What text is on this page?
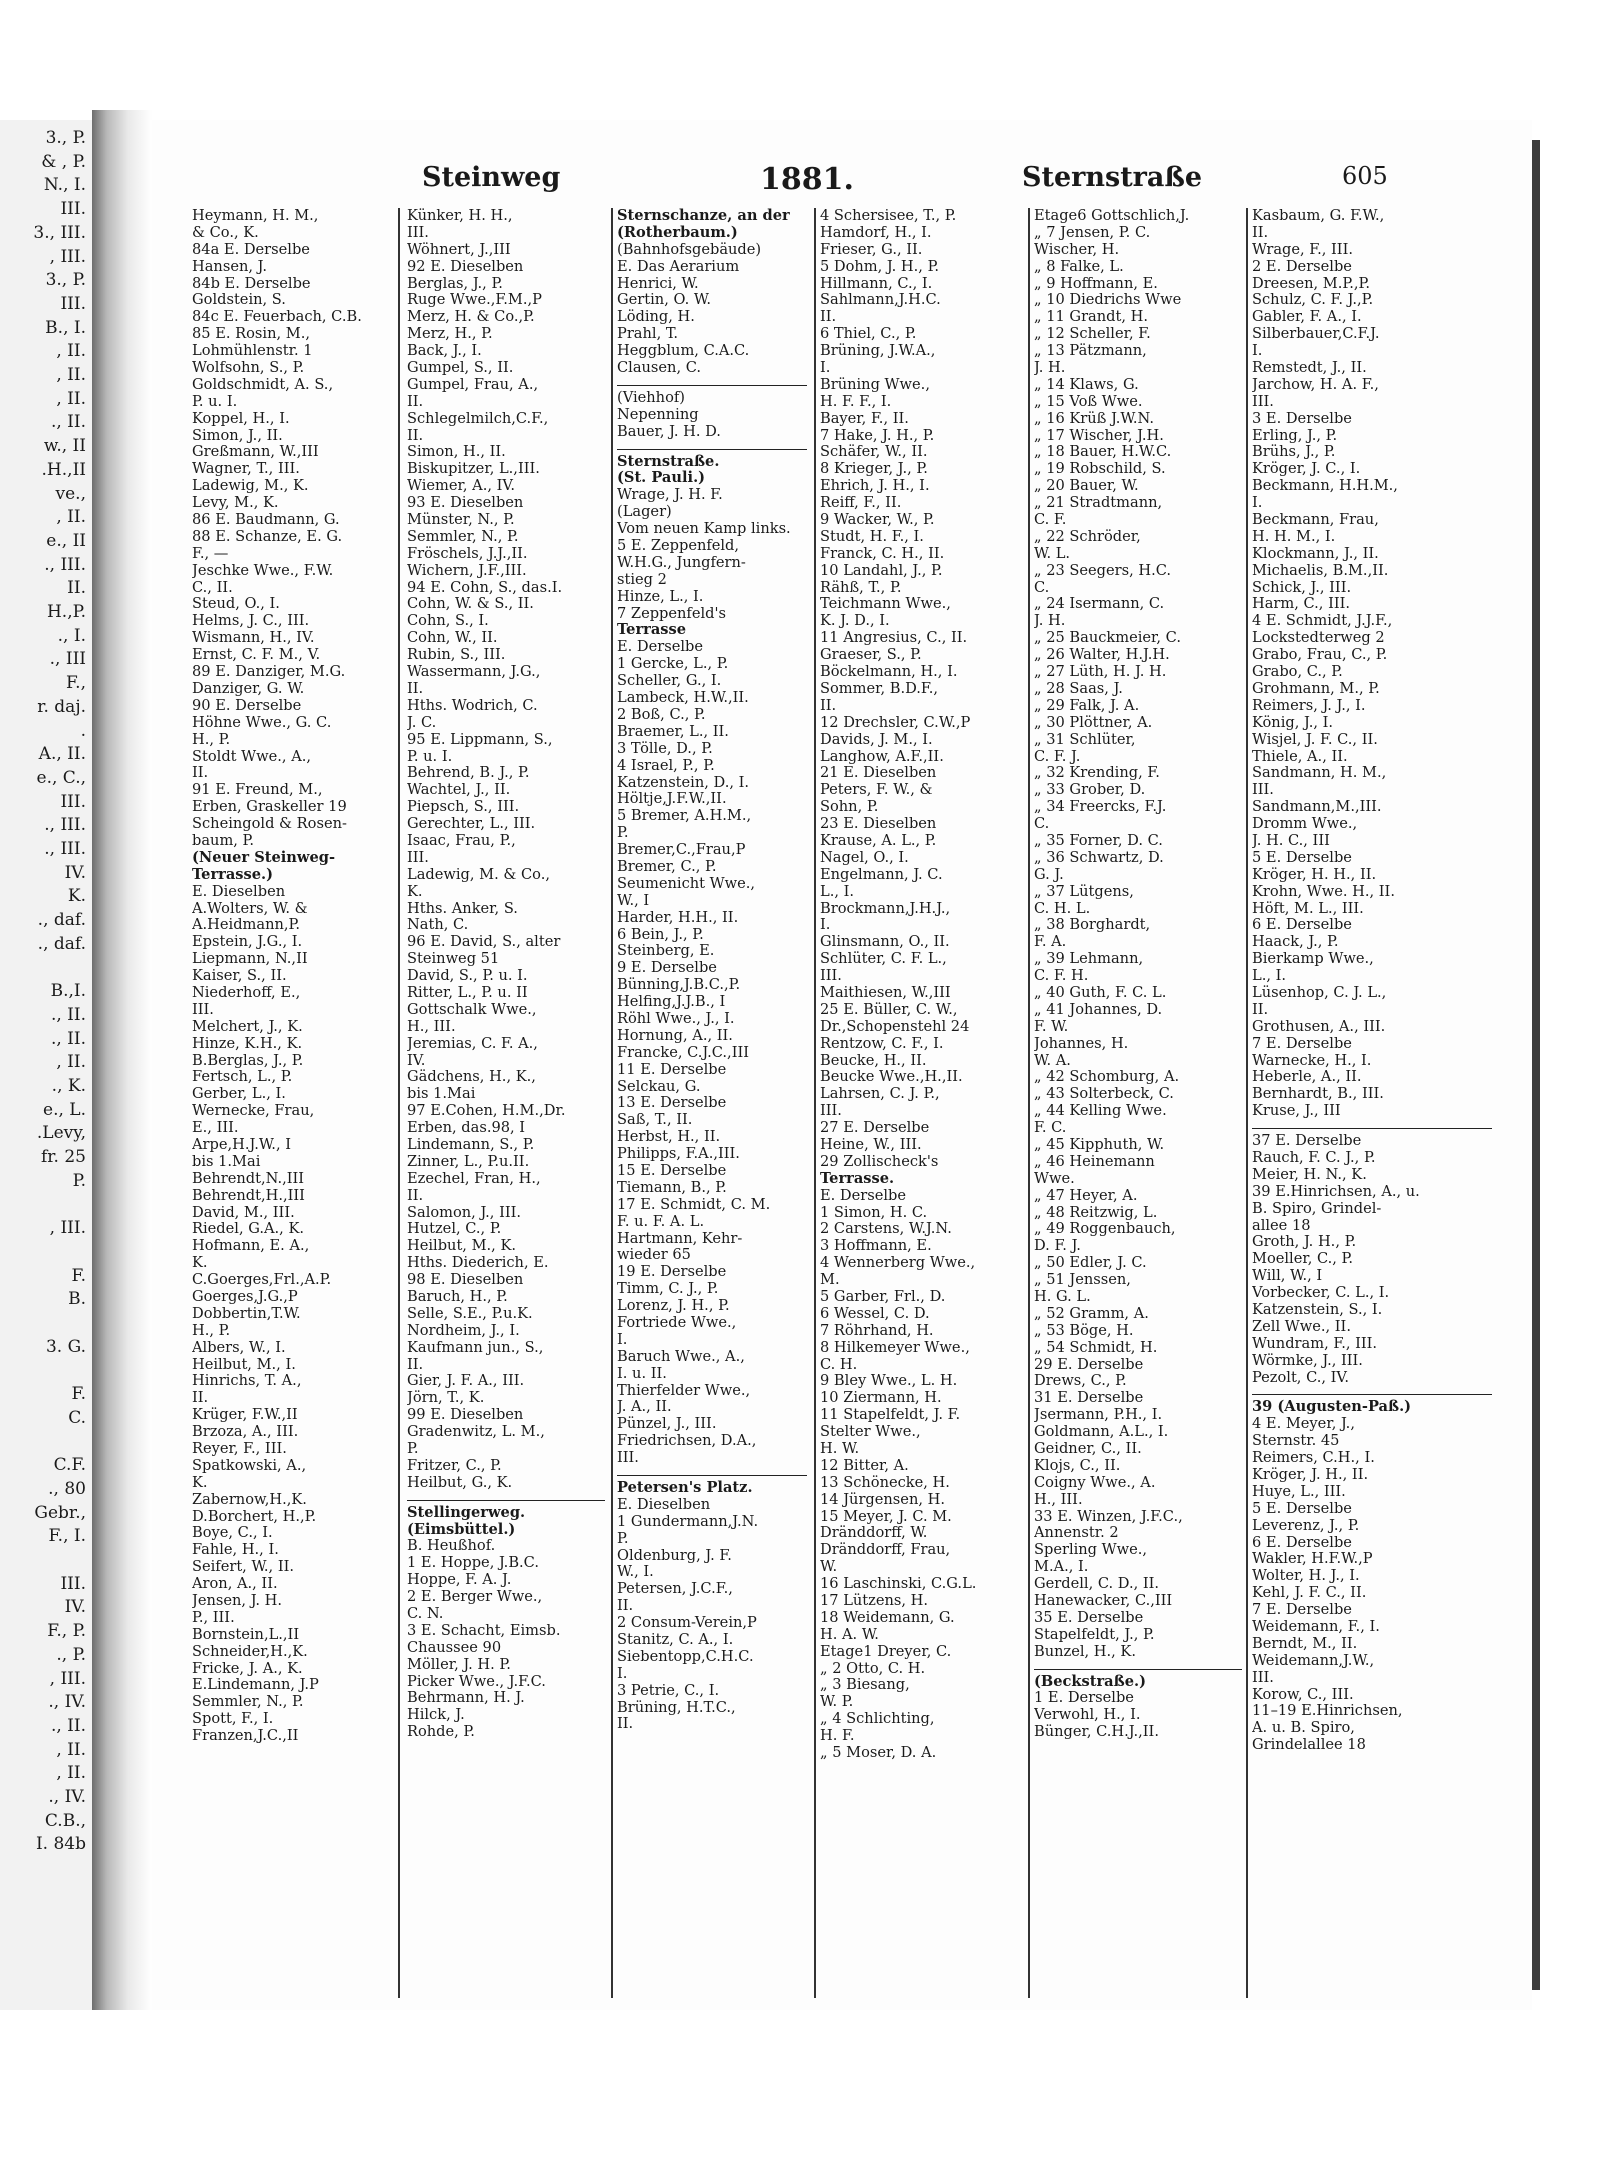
3., P.
& , P.
N., I.
III.
3., III.
, III.
3., P.
III.
B., I.
, II.
, II.
, II.
., II.
w., II
.H.,II
ve.,
, II.
e., II
., III.
II.
H.,P.
., I.
., III
F.,
r. daj.
.
A., II.
e., C.,
III.
., III.
., III.
IV.
K.
., daf.
., daf.
B.,I.
., II.
., II.
, II.
., K.
e., L.
.Levy,
fr. 25
P.
, III.
F.
B.
3. G.
F.
C.
C.F.
., 80
Gebr.,
F., I.
III.
IV.
F., P.
., P.
, III.
., IV.
., II.
, II.
, II.
., IV.
C.B.,
I. 84b
Steinweg	1881.	Sternstraße	605
Heymann, H. M.,
& Co., K.
84a E. Derselbe
Hansen, J.
84b E. Derselbe
Goldstein, S.
84c E. Feuerbach, C.B.
85 E. Rosin, M.,
Lohmühlenstr. 1
Wolfsohn, S., P.
Goldschmidt, A. S.,
P. u. I.
Koppel, H., I.
Simon, J., II.
Greßmann, W.,III
Wagner, T., III.
Ladewig, M., K.
Levy, M., K.
86 E. Baudmann, G.
88 E. Schanze, E. G.
F., —
Jeschke Wwe., F.W.
C., II.
Steud, O., I.
Helms, J. C., III.
Wismann, H., IV.
Ernst, C. F. M., V.
89 E. Danziger, M.G.
Danziger, G. W.
90 E. Derselbe
Höhne Wwe., G. C.
H., P.
Stoldt Wwe., A.,
II.
91 E. Freund, M.,
Erben, Graskeller 19
Scheingold & Rosen-
baum, P.
(Neuer Steinweg-
Terrasse.)
E. Dieselben
A.Wolters, W. &
A.Heidmann,P.
Epstein, J.G., I.
Liepmann, N.,II
Kaiser, S., II.
Niederhoff, E.,
III.
Melchert, J., K.
Hinze, K.H., K.
B.Berglas, J., P.
Fertsch, L., P.
Gerber, L., I.
Wernecke, Frau,
E., III.
Arpe,H.J.W., I
bis 1.Mai
Behrendt,N.,III
Behrendt,H.,III
David, M., III.
Riedel, G.A., K.
Hofmann, E. A.,
K.
C.Goerges,Frl.,A.P.
Goerges,J.G.,P
Dobbertin,T.W.
H., P.
Albers, W., I.
Heilbut, M., I.
Hinrichs, T. A.,
II.
Krüger, F.W.,II
Brzoza, A., III.
Reyer, F., III.
Spatkowski, A.,
K.
Zabernow,H.,K.
D.Borchert, H.,P.
Boye, C., I.
Fahle, H., I.
Seifert, W., II.
Aron, A., II.
Jensen, J. H.
P., III.
Bornstein,L.,II
Schneider,H.,K.
Fricke, J. A., K.
E.Lindemann, J.P
Semmler, N., P.
Spott, F., I.
Franzen,J.C.,II
Künker, H. H.,
III.
Wöhnert, J.,III
92 E. Dieselben
Berglas, J., P.
Ruge Wwe.,F.M.,P
Merz, H. & Co.,P.
Merz, H., P.
Back, J., I.
Gumpel, S., II.
Gumpel, Frau, A.,
II.
Schlegelmilch,C.F.,
II.
Simon, H., II.
Biskupitzer, L.,III.
Wiemer, A., IV.
93 E. Dieselben
Münster, N., P.
Semmler, N., P.
Fröschels, J.J.,II.
Wichern, J.F.,III.
94 E. Cohn, S., das.I.
Cohn, W. & S., II.
Cohn, S., I.
Cohn, W., II.
Rubin, S., III.
Wassermann, J.G.,
II.
Hths. Wodrich, C.
J. C.
95 E. Lippmann, S.,
P. u. I.
Behrend, B. J., P.
Wachtel, J., II.
Piepsch, S., III.
Gerechter, L., III.
Isaac, Frau, P.,
III.
Ladewig, M. & Co.,
K.
Hths. Anker, S.
Nath, C.
96 E. David, S., alter
Steinweg 51
David, S., P. u. I.
Ritter, L., P. u. II
Gottschalk Wwe.,
H., III.
Jeremias, C. F. A.,
IV.
Gädchens, H., K.,
bis 1.Mai
97 E.Cohen, H.M.,Dr.
Erben, das.98, I
Lindemann, S., P.
Zinner, L., P.u.II.
Ezechel, Fran, H.,
II.
Salomon, J., III.
Hutzel, C., P.
Heilbut, M., K.
Hths. Diederich, E.
98 E. Dieselben
Baruch, H., P.
Selle, S.E., P.u.K.
Nordheim, J., I.
Kaufmann jun., S.,
II.
Gier, J. F. A., III.
Jörn, T., K.
99 E. Dieselben
Gradenwitz, L. M.,
P.
Fritzer, C., P.
Heilbut, G., K.
Stellingerweg.
(Eimsbüttel.)
B. Heußhof.
1 E. Hoppe, J.B.C.
Hoppe, F. A. J.
2 E. Berger Wwe.,
C. N.
3 E. Schacht, Eimsb.
Chaussee 90
Möller, J. H. P.
Picker Wwe., J.F.C.
Behrmann, H. J.
Hilck, J.
Rohde, P.
Sternschanze, an der
(Rotherbaum.)
(Bahnhofsgebäude)
E. Das Aerarium
Henrici, W.
Gertin, O. W.
Löding, H.
Prahl, T.
Heggblum, C.A.C.
Clausen, C.
(Viehhof)
Nepenning
Bauer, J. H. D.
Sternstraße.
(St. Pauli.)
Wrage, J. H. F.
(Lager)
Vom neuen Kamp links.
5 E. Zeppenfeld,
W.H.G., Jungfern-
stieg 2
Hinze, L., I.
7 Zeppenfeld's
Terrasse
E. Derselbe
1 Gercke, L., P.
Scheller, G., I.
Lambeck, H.W.,II.
2 Boß, C., P.
Braemer, L., II.
3 Tölle, D., P.
4 Israel, P., P.
Katzenstein, D., I.
Höltje,J.F.W.,II.
5 Bremer, A.H.M.,
P.
Bremer,C.,Frau,P
Bremer, C., P.
Seumenicht Wwe.,
W., I
Harder, H.H., II.
6 Bein, J., P.
Steinberg, E.
9 E. Derselbe
Bünning,J.B.C.,P.
Helfing,J.J.B., I
Röhl Wwe., J., I.
Hornung, A., II.
Francke, C.J.C.,III
11 E. Derselbe
Selckau, G.
13 E. Derselbe
Saß, T., II.
Herbst, H., II.
Philipps, F.A.,III.
15 E. Derselbe
Tiemann, B., P.
17 E. Schmidt, C. M.
F. u. F. A. L.
Hartmann, Kehr-
wieder 65
19 E. Derselbe
Timm, C. J., P.
Lorenz, J. H., P.
Fortriede Wwe.,
I.
Baruch Wwe., A.,
I. u. II.
Thierfelder Wwe.,
J. A., II.
Pünzel, J., III.
Friedrichsen, D.A.,
III.
Petersen's Platz.
E. Dieselben
1 Gundermann,J.N.
P.
Oldenburg, J. F.
W., I.
Petersen, J.C.F.,
II.
2 Consum-Verein,P
Stanitz, C. A., I.
Siebentopp,C.H.C.
I.
3 Petrie, C., I.
Brüning, H.T.C.,
II.
4 Schersisee, T., P.
Hamdorf, H., I.
Frieser, G., II.
5 Dohm, J. H., P.
Hillmann, C., I.
Sahlmann,J.H.C.
II.
6 Thiel, C., P.
Brüning, J.W.A.,
I.
Brüning Wwe.,
H. F. F., I.
Bayer, F., II.
7 Hake, J. H., P.
Schäfer, W., II.
8 Krieger, J., P.
Ehrich, J. H., I.
Reiff, F., II.
9 Wacker, W., P.
Studt, H. F., I.
Franck, C. H., II.
10 Landahl, J., P.
Rähß, T., P.
Teichmann Wwe.,
K. J. D., I.
11 Angresius, C., II.
Graeser, S., P.
Böckelmann, H., I.
Sommer, B.D.F.,
II.
12 Drechsler, C.W.,P
Davids, J. M., I.
Langhow, A.F.,II.
21 E. Dieselben
Peters, F. W., &
Sohn, P.
23 E. Dieselben
Krause, A. L., P.
Nagel, O., I.
Engelmann, J. C.
L., I.
Brockmann,J.H.J.,
I.
Glinsmann, O., II.
Schlüter, C. F. L.,
III.
Maithiesen, W.,III
25 E. Büller, C. W.,
Dr.,Schopenstehl 24
Rentzow, C. F., I.
Beucke, H., II.
Beucke Wwe.,H.,II.
Lahrsen, C. J. P.,
III.
27 E. Derselbe
Heine, W., III.
29 Zollischeck's
Terrasse.
E. Derselbe
1 Simon, H. C.
2 Carstens, W.J.N.
3 Hoffmann, E.
4 Wennerberg Wwe.,
M.
5 Garber, Frl., D.
6 Wessel, C. D.
7 Röhrhand, H.
8 Hilkemeyer Wwe.,
C. H.
9 Bley Wwe., L. H.
10 Ziermann, H.
11 Stapelfeldt, J. F.
Stelter Wwe.,
H. W.
12 Bitter, A.
13 Schönecke, H.
14 Jürgensen, H.
15 Meyer, J. C. M.
Dränddorff, W.
Dränddorff, Frau,
W.
16 Laschinski, C.G.L.
17 Lützens, H.
18 Weidemann, G.
H. A. W.
Etage1 Dreyer, C.
„ 2 Otto, C. H.
„ 3 Biesang,
W. P.
„ 4 Schlichting,
H. F.
„ 5 Moser, D. A.
Etage6 Gottschlich,J.
„ 7 Jensen, P. C.
Wischer, H.
„ 8 Falke, L.
„ 9 Hoffmann, E.
„ 10 Diedrichs Wwe
„ 11 Grandt, H.
„ 12 Scheller, F.
„ 13 Pätzmann,
J. H.
„ 14 Klaws, G.
„ 15 Voß Wwe.
„ 16 Krüß J.W.N.
„ 17 Wischer, J.H.
„ 18 Bauer, H.W.C.
„ 19 Robschild, S.
„ 20 Bauer, W.
„ 21 Stradtmann,
C. F.
„ 22 Schröder,
W. L.
„ 23 Seegers, H.C.
C.
„ 24 Isermann, C.
J. H.
„ 25 Bauckmeier, C.
„ 26 Walter, H.J.H.
„ 27 Lüth, H. J. H.
„ 28 Saas, J.
„ 29 Falk, J. A.
„ 30 Plöttner, A.
„ 31 Schlüter,
C. F. J.
„ 32 Krending, F.
„ 33 Grober, D.
„ 34 Freercks, F.J.
C.
„ 35 Forner, D. C.
„ 36 Schwartz, D.
G. J.
„ 37 Lütgens,
C. H. L.
„ 38 Borghardt,
F. A.
„ 39 Lehmann,
C. F. H.
„ 40 Guth, F. C. L.
„ 41 Johannes, D.
F. W.
Johannes, H.
W. A.
„ 42 Schomburg, A.
„ 43 Solterbeck, C.
„ 44 Kelling Wwe.
F. C.
„ 45 Kipphuth, W.
„ 46 Heinemann
Wwe.
„ 47 Heyer, A.
„ 48 Reitzwig, L.
„ 49 Roggenbauch,
D. F. J.
„ 50 Edler, J. C.
„ 51 Jenssen,
H. G. L.
„ 52 Gramm, A.
„ 53 Böge, H.
„ 54 Schmidt, H.
29 E. Derselbe
Drews, C., P.
31 E. Derselbe
Jsermann, P.H., I.
Goldmann, A.L., I.
Geidner, C., II.
Klojs, C., II.
Coigny Wwe., A.
H., III.
33 E. Winzen, J.F.C.,
Annenstr. 2
Sperling Wwe.,
M.A., I.
Gerdell, C. D., II.
Hanewacker, C.,III
35 E. Derselbe
Stapelfeldt, J., P.
Bunzel, H., K.
(Beckstraße.)
1 E. Derselbe
Verwohl, H., I.
Bünger, C.H.J.,II.
Kasbaum, G. F.W.,
II.
Wrage, F., III.
2 E. Derselbe
Dreesen, M.P.,P.
Schulz, C. F. J.,P.
Gabler, F. A., I.
Silberbauer,C.F.J.
I.
Remstedt, J., II.
Jarchow, H. A. F.,
III.
3 E. Derselbe
Erling, J., P.
Brühs, J., P.
Kröger, J. C., I.
Beckmann, H.H.M.,
I.
Beckmann, Frau,
H. H. M., I.
Klockmann, J., II.
Michaelis, B.M.,II.
Schick, J., III.
Harm, C., III.
4 E. Schmidt, J.J.F.,
Lockstedterweg 2
Grabo, Frau, C., P.
Grabo, C., P.
Grohmann, M., P.
Reimers, J. J., I.
König, J., I.
Wisjel, J. F. C., II.
Thiele, A., II.
Sandmann, H. M.,
III.
Sandmann,M.,III.
Dromm Wwe.,
J. H. C., III
5 E. Derselbe
Kröger, H. H., II.
Krohn, Wwe. H., II.
Höft, M. L., III.
6 E. Derselbe
Haack, J., P.
Bierkamp Wwe.,
L., I.
Lüsenhop, C. J. L.,
II.
Grothusen, A., III.
7 E. Derselbe
Warnecke, H., I.
Heberle, A., II.
Bernhardt, B., III.
Kruse, J., III
37 E. Derselbe
Rauch, F. C. J., P.
Meier, H. N., K.
39 E.Hinrichsen, A., u.
B. Spiro, Grindel-
allee 18
Groth, J. H., P.
Moeller, C., P.
Will, W., I
Vorbecker, C. L., I.
Katzenstein, S., I.
Zell Wwe., II.
Wundram, F., III.
Wörmke, J., III.
Pezolt, C., IV.
39 (Augusten-Paß.)
4 E. Meyer, J.,
Sternstr. 45
Reimers, C.H., I.
Kröger, J. H., II.
Huye, L., III.
5 E. Derselbe
Leverenz, J., P.
6 E. Derselbe
Wakler, H.F.W.,P
Wolter, H. J., I.
Kehl, J. F. C., II.
7 E. Derselbe
Weidemann, F., I.
Berndt, M., II.
Weidemann,J.W.,
III.
Korow, C., III.
11–19 E.Hinrichsen,
A. u. B. Spiro,
Grindelallee 18
